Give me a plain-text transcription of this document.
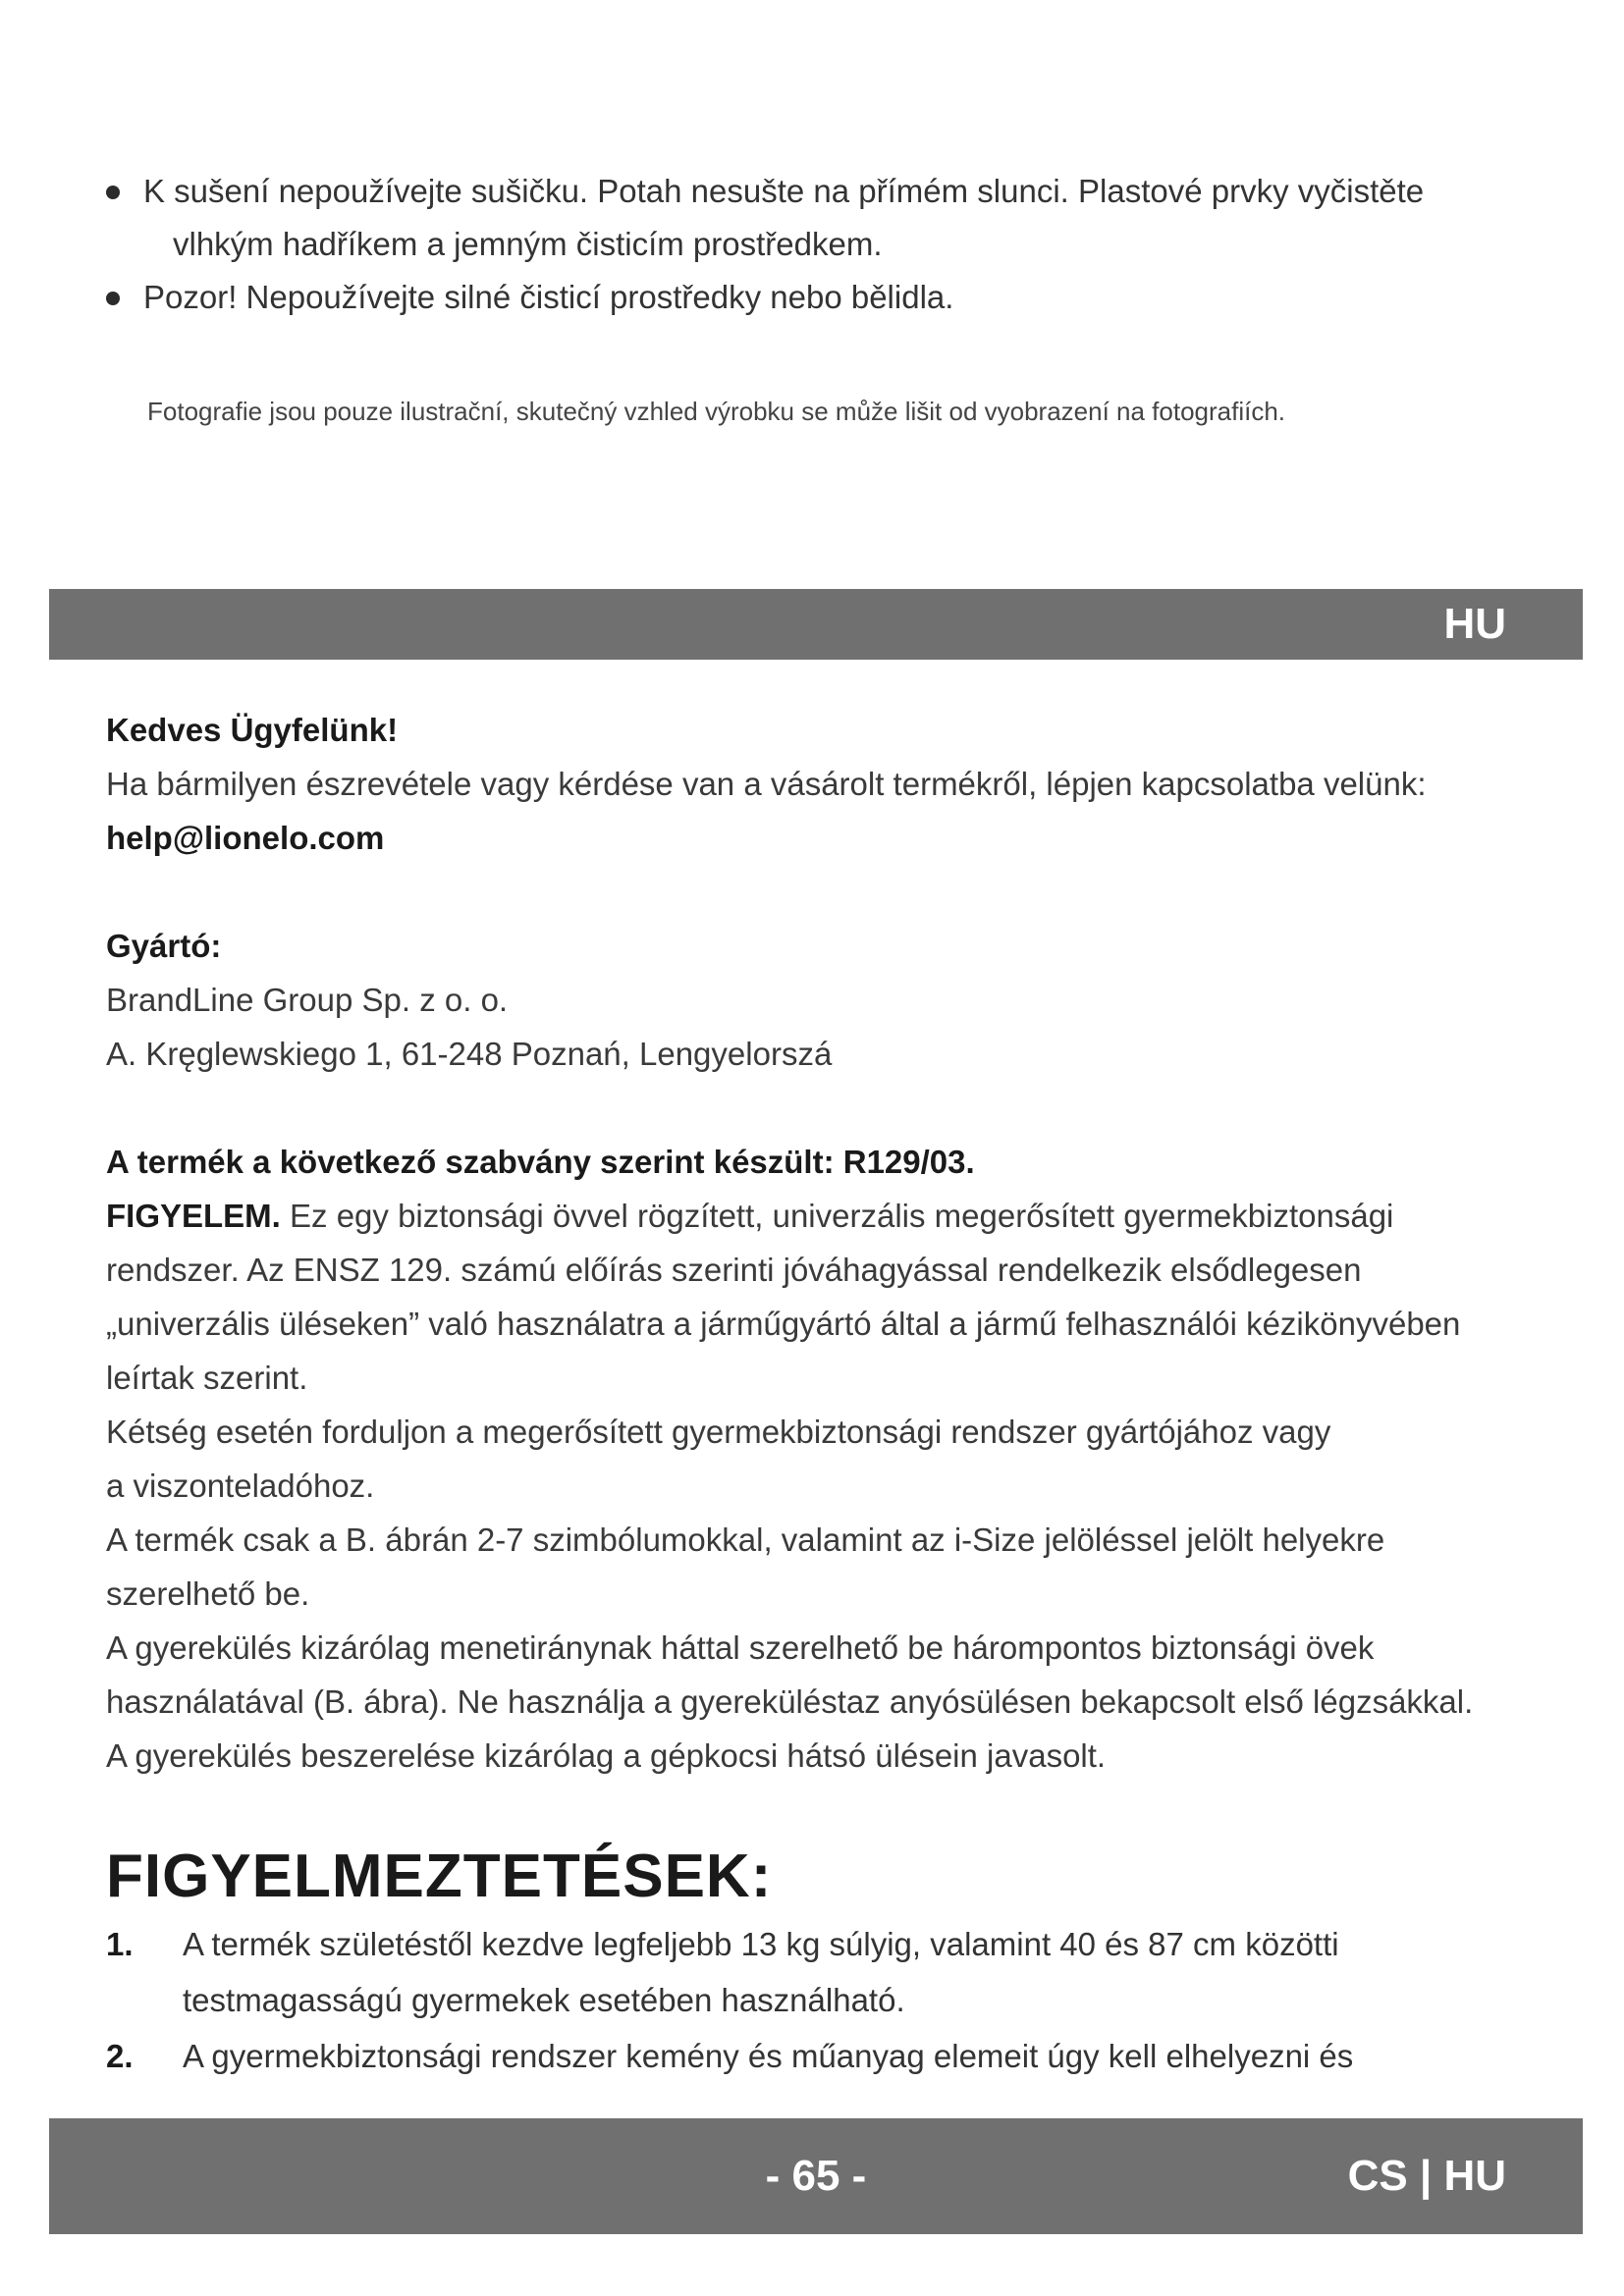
K sušení nepoužívejte sušičku. Potah nesušte na přímém slunci. Plastové prvky vyčistěte
vlhkým hadříkem a jemným čisticím prostředkem.
Pozor! Nepoužívejte silné čisticí prostředky nebo bělidla.
Fotografie jsou pouze ilustrační, skutečný vzhled výrobku se může lišit od vyobrazení na fotografiích.
HU

Kedves Ügyfelünk!

Ha bármilyen észrevétele vagy kérdése van a vásárolt termékről, lépjen kapcsolatba velünk:

help@lionelo.com

Gyártó:

BrandLine Group Sp. z o. o.

A. Kręglewskiego 1, 61-248 Poznań, Lengyelorszá

A termék a következő szabvány szerint készült: R129/03.

FIGYELEM. Ez egy biztonsági övvel rögzített, univerzális megerősített gyermekbiztonsági

rendszer. Az ENSZ 129. számú előírás szerinti jóváhagyással rendelkezik elsődlegesen

„univerzális üléseken” való használatra a járműgyártó által a jármű felhasználói kézikönyvében

leírtak szerint.

Kétség esetén forduljon a megerősített gyermekbiztonsági rendszer gyártójához vagy

a viszonteladóhoz.

A termék csak a B. ábrán 2-7 szimbólumokkal, valamint az i-Size jelöléssel jelölt helyekre

szerelhető be.

A gyerekülés kizárólag menetiránynak háttal szerelhető be hárompontos biztonsági övek

használatával (B. ábra). Ne használja a gyereküléstaz anyósülésen bekapcsolt első légzsákkal.

A gyerekülés beszerelése kizárólag a gépkocsi hátsó ülésein javasolt.

FIGYELMEZTETÉSEK:
1. A termék születéstől kezdve legfeljebb 13 kg súlyig, valamint 40 és 87 cm közötti
testmagasságú gyermekek esetében használható.
2. A gyermekbiztonsági rendszer kemény és műanyag elemeit úgy kell elhelyezni és
- 65 -	CS | HU
